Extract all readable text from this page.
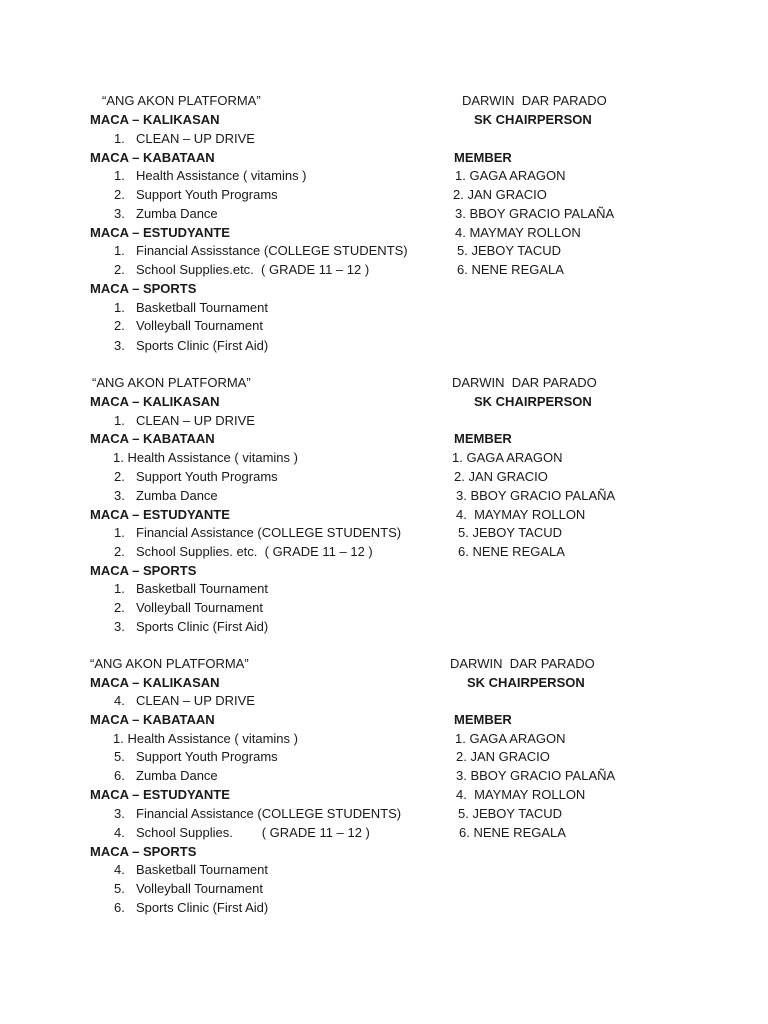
“ANG AKON PLATFORMA”	DARWIN  DAR PARADO
MACA – KALIKASAN	SK CHAIRPERSON
1. CLEAN – UP DRIVE
MACA – KABATAAN	MEMBER
1. Health Assistance ( vitamins )	1. GAGA ARAGON
2. Support Youth Programs	2. JAN GRACIO
3. Zumba Dance	3. BBOY GRACIO PALAÑA
MACA – ESTUDYANTE	4. MAYMAY ROLLON
1. Financial Assisstance (COLLEGE STUDENTS)	5. JEBOY TACUD
2. School Supplies.etc.  ( GRADE 11 – 12 )	6. NENE REGALA
MACA – SPORTS
1. Basketball Tournament
2. Volleyball Tournament
3. Sports Clinic (First Aid)
“ANG AKON PLATFORMA”	DARWIN  DAR PARADO
MACA – KALIKASAN	SK CHAIRPERSON
1. CLEAN – UP DRIVE
MACA – KABATAAN	MEMBER
1. Health Assistance ( vitamins )	1. GAGA ARAGON
2. Support Youth Programs	2. JAN GRACIO
3. Zumba Dance	3. BBOY GRACIO PALAÑA
MACA – ESTUDYANTE	4.  MAYMAY ROLLON
1. Financial Assistance (COLLEGE STUDENTS)	5. JEBOY TACUD
2. School Supplies. etc.  ( GRADE 11 – 12 )	6. NENE REGALA
MACA – SPORTS
1. Basketball Tournament
2. Volleyball Tournament
3. Sports Clinic (First Aid)
“ANG AKON PLATFORMA”	DARWIN  DAR PARADO
MACA – KALIKASAN	SK CHAIRPERSON
4. CLEAN – UP DRIVE
MACA – KABATAAN	MEMBER
1. Health Assistance ( vitamins )	1. GAGA ARAGON
5. Support Youth Programs	2. JAN GRACIO
6. Zumba Dance	3. BBOY GRACIO PALAÑA
MACA – ESTUDYANTE	4.  MAYMAY ROLLON
3. Financial Assistance (COLLEGE STUDENTS)	5. JEBOY TACUD
4. School Supplies.        ( GRADE 11 – 12 )	6. NENE REGALA
MACA – SPORTS
4. Basketball Tournament
5. Volleyball Tournament
6. Sports Clinic (First Aid)
